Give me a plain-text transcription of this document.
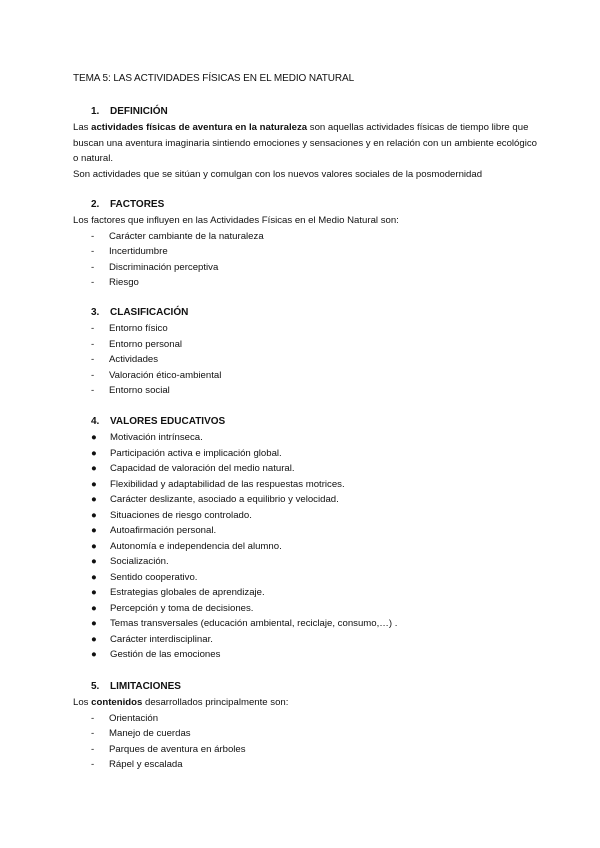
TEMA 5: LAS ACTIVIDADES FÍSICAS EN EL MEDIO NATURAL
1.	DEFINICIÓN
Las actividades físicas de aventura en la naturaleza son aquellas actividades físicas de tiempo libre que buscan una aventura imaginaria sintiendo emociones y sensaciones y en relación con un ambiente ecológico o natural.
Son actividades que se sitúan y comulgan con los nuevos valores sociales de la posmodernidad
2.	FACTORES
Los factores que influyen en las Actividades Físicas en el Medio Natural son:
-	Carácter cambiante de la naturaleza
-	Incertidumbre
-	Discriminación perceptiva
-	Riesgo
3.	CLASIFICACIÓN
-	Entorno físico
-	Entorno personal
-	Actividades
-	Valoración ético-ambiental
-	Entorno social
4.	VALORES EDUCATIVOS
●	Motivación intrínseca.
●	Participación activa e implicación global.
●	Capacidad de valoración del medio natural.
●	Flexibilidad y adaptabilidad de las respuestas motrices.
●	Carácter deslizante, asociado a equilibrio y velocidad.
●	Situaciones de riesgo controlado.
●	Autoafirmación personal.
●	Autonomía e independencia del alumno.
●	Socialización.
●	Sentido cooperativo.
●	Estrategias globales de aprendizaje.
●	Percepción y toma de decisiones.
●	Temas transversales (educación ambiental, reciclaje, consumo,…) .
●	Carácter interdisciplinar.
●	Gestión de las emociones
5.	LIMITACIONES
Los contenidos desarrollados principalmente son:
-	Orientación
-	Manejo de cuerdas
-	Parques de aventura en árboles
-	Rápel y escalada
